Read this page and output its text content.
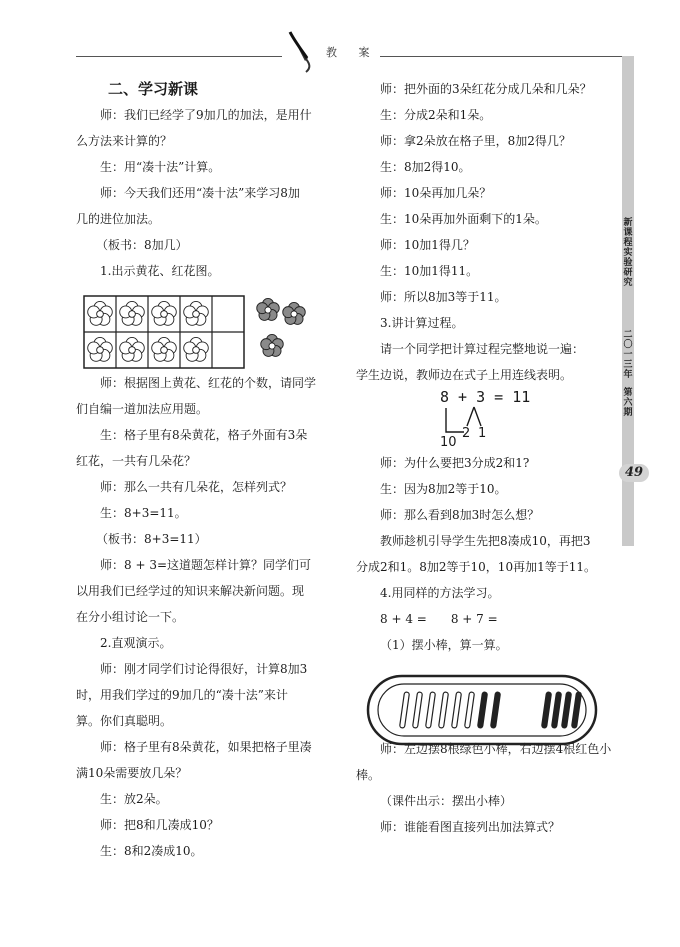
教 案
新课程实验研究
二〇一三年
第六期
49

二、学习新课

师：我们已经学了9加几的加法，是用什

么方法来计算的？

生：用“凑十法”计算。

师：今天我们还用“凑十法”来学习8加

几的进位加法。

（板书：8加几）

1.出示黄花、红花图。

师：根据图上黄花、红花的个数，请同学

们自编一道加法应用题。

生：格子里有8朵黄花，格子外面有3朵

红花，一共有几朵花？

师：那么一共有几朵花，怎样列式？

生：8+3=11。

（板书：8+3=11）

师：8 + 3=这道题怎样计算？同学们可

以用我们已经学过的知识来解决新问题。现

在分小组讨论一下。

2.直观演示。

师：刚才同学们讨论得很好，计算8加3

时，用我们学过的9加几的“凑十法”来计

算。你们真聪明。

师：格子里有8朵黄花，如果把格子里凑

满10朵需要放几朵？

生：放2朵。

师：把8和几凑成10？

生：8和2凑成10。

师：把外面的3朵红花分成几朵和几朵？

生：分成2朵和1朵。

师：拿2朵放在格子里，8加2得几？

生：8加2得10。

师：10朵再加几朵？

生：10朵再加外面剩下的1朵。

师：10加1得几？

生：10加1得11。

师：所以8加3等于11。

3.讲计算过程。

请一个同学把计算过程完整地说一遍：

学生边说，教师边在式子上用连线表明。

师：为什么要把3分成2和1?

生：因为8加2等于10。

师：那么看到8加3时怎么想？

教师趁机引导学生先把8凑成10，再把3

分成2和1。8加2等于10，10再加1等于11。

4.用同样的方法学习。

8 + 4 =　　8 + 7 =

（1）摆小棒，算一算。

师：左边摆8根绿色小棒，右边摆4根红色小

棒。

（课件出示：摆出小棒）

师：谁能看图直接列出加法算式？

8 + 3 = 11
2 1
10
